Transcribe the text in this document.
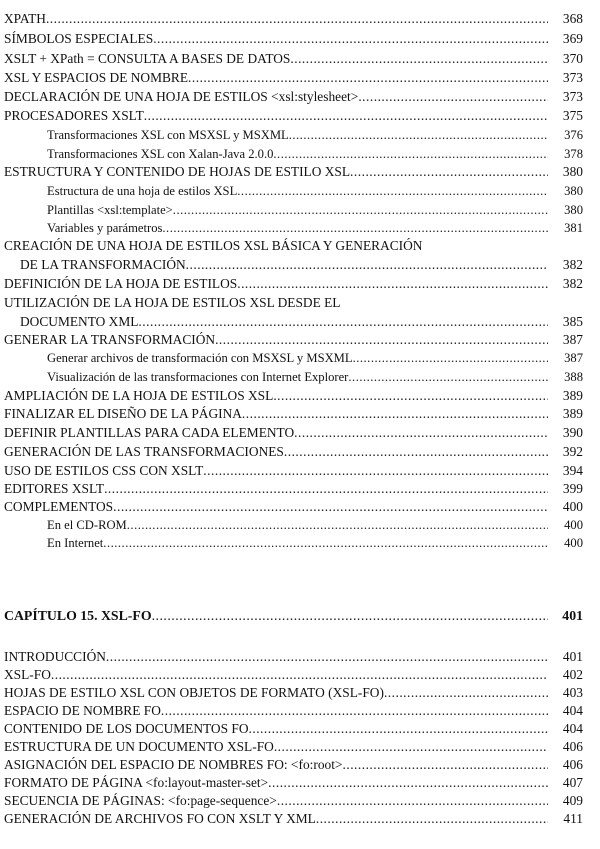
XPATH .....	368
SÍMBOLOS ESPECIALES .....	369
XSLT + XPath = CONSULTA A BASES DE DATOS .....	370
XSL Y ESPACIOS DE NOMBRE .....	373
DECLARACIÓN DE UNA HOJA DE ESTILOS <xsl:stylesheet> .....	373
PROCESADORES XSLT .....	375
Transformaciones XSL con MSXSL y MSXML .....	376
Transformaciones XSL con Xalan-Java 2.0.0 .....	378
ESTRUCTURA Y CONTENIDO DE HOJAS DE ESTILO XSL .....	380
Estructura de una hoja de estilos XSL .....	380
Plantillas <xsl:template> .....	380
Variables y parámetros .....	381
CREACIÓN DE UNA HOJA DE ESTILOS XSL BÁSICA Y GENERACIÓN
DE LA TRANSFORMACIÓN .....	382
DEFINICIÓN DE LA HOJA DE ESTILOS .....	382
UTILIZACIÓN DE LA HOJA DE ESTILOS XSL DESDE EL
DOCUMENTO XML .....	385
GENERAR LA TRANSFORMACIÓN .....	387
Generar archivos de transformación con MSXSL y MSXML .....	387
Visualización de las transformaciones con Internet Explorer .....	388
AMPLIACIÓN DE LA HOJA DE ESTILOS XSL .....	389
FINALIZAR EL DISEÑO DE LA PÁGINA .....	389
DEFINIR PLANTILLAS PARA CADA ELEMENTO .....	390
GENERACIÓN DE LAS TRANSFORMACIONES .....	392
USO DE ESTILOS CSS CON XSLT .....	394
EDITORES XSLT .....	399
COMPLEMENTOS .....	400
En el CD-ROM .....	400
En Internet .....	400
CAPÍTULO 15. XSL-FO .....	401
INTRODUCCIÓN .....	401
XSL-FO .....	402
HOJAS DE ESTILO XSL CON OBJETOS DE FORMATO (XSL-FO) .....	403
ESPACIO DE NOMBRE FO .....	404
CONTENIDO DE LOS DOCUMENTOS FO .....	404
ESTRUCTURA DE UN DOCUMENTO XSL-FO .....	406
ASIGNACIÓN DEL ESPACIO DE NOMBRES FO: <fo:root> .....	406
FORMATO DE PÁGINA <fo:layout-master-set> .....	407
SECUENCIA DE PÁGINAS: <fo:page-sequence> .....	409
GENERACIÓN DE ARCHIVOS FO CON XSLT Y XML .....	411
